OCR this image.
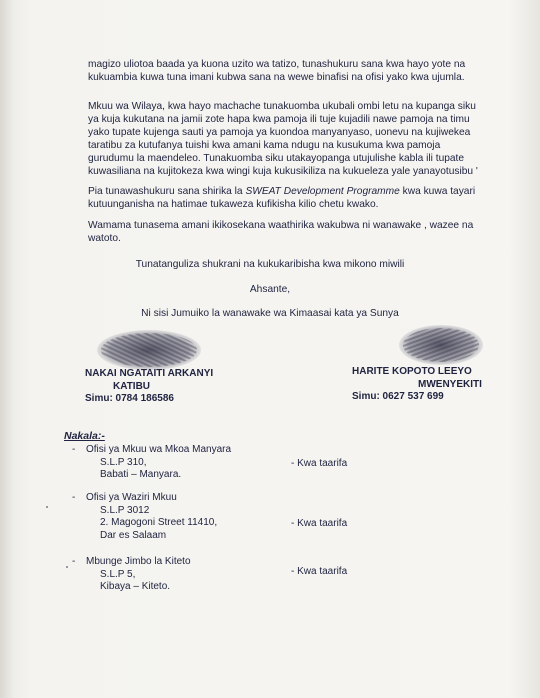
magizo uliotoa baada ya kuona uzito wa tatizo, tunashukuru sana kwa hayo yote na kukuambia kuwa tuna imani kubwa sana na wewe binafisi na ofisi yako kwa ujumla.

Mkuu wa Wilaya, kwa hayo machache tunakuomba ukubali ombi letu na kupanga siku ya kuja kukutana na jamii zote hapa kwa pamoja ili tuje kujadili nawe pamoja na timu yako tupate kujenga sauti ya pamoja ya kuondoa manyanyaso, uonevu na kujiwekea taratibu za kutufanya tuishi kwa amani kama ndugu na kusukuma kwa pamoja gurudumu la maendeleo. Tunakuomba siku utakayopanga utujulishe kabla ili tupate kuwasiliana na kujitokeza kwa wingi kuja kukusikiliza na kukueleza yale yanayotusibu '

Pia tunawashukuru sana shirika la SWEAT Development Programme kwa kuwa tayari kutuunganisha na hatimae tukaweza kufikisha kilio chetu kwako.

Wamama tunasema amani ikikosekana waathirika wakubwa ni wanawake , wazee na watoto.

Tunatanguliza shukrani na kukukaribisha kwa mikono miwili
Ahsante,
Ni sisi Jumuiko la wanawake wa Kimaasai kata ya Sunya
NAKAI NGATAITI ARKANYI
KATIBU
Simu: 0784 186586
HARITE KOPOTO LEEYO
MWENYEKITI
Simu: 0627 537 699
Nakala:-
- Ofisi ya Mkuu wa Mkoa Manyara
S.L.P 310,
Babati – Manyara.
- Kwa taarifa
- Ofisi ya Waziri Mkuu
S.L.P 3012
2. Magogoni Street 11410,
Dar es Salaam
- Kwa taarifa
- Mbunge Jimbo la Kiteto
S.L.P 5,
Kibaya – Kiteto.
- Kwa taarifa
